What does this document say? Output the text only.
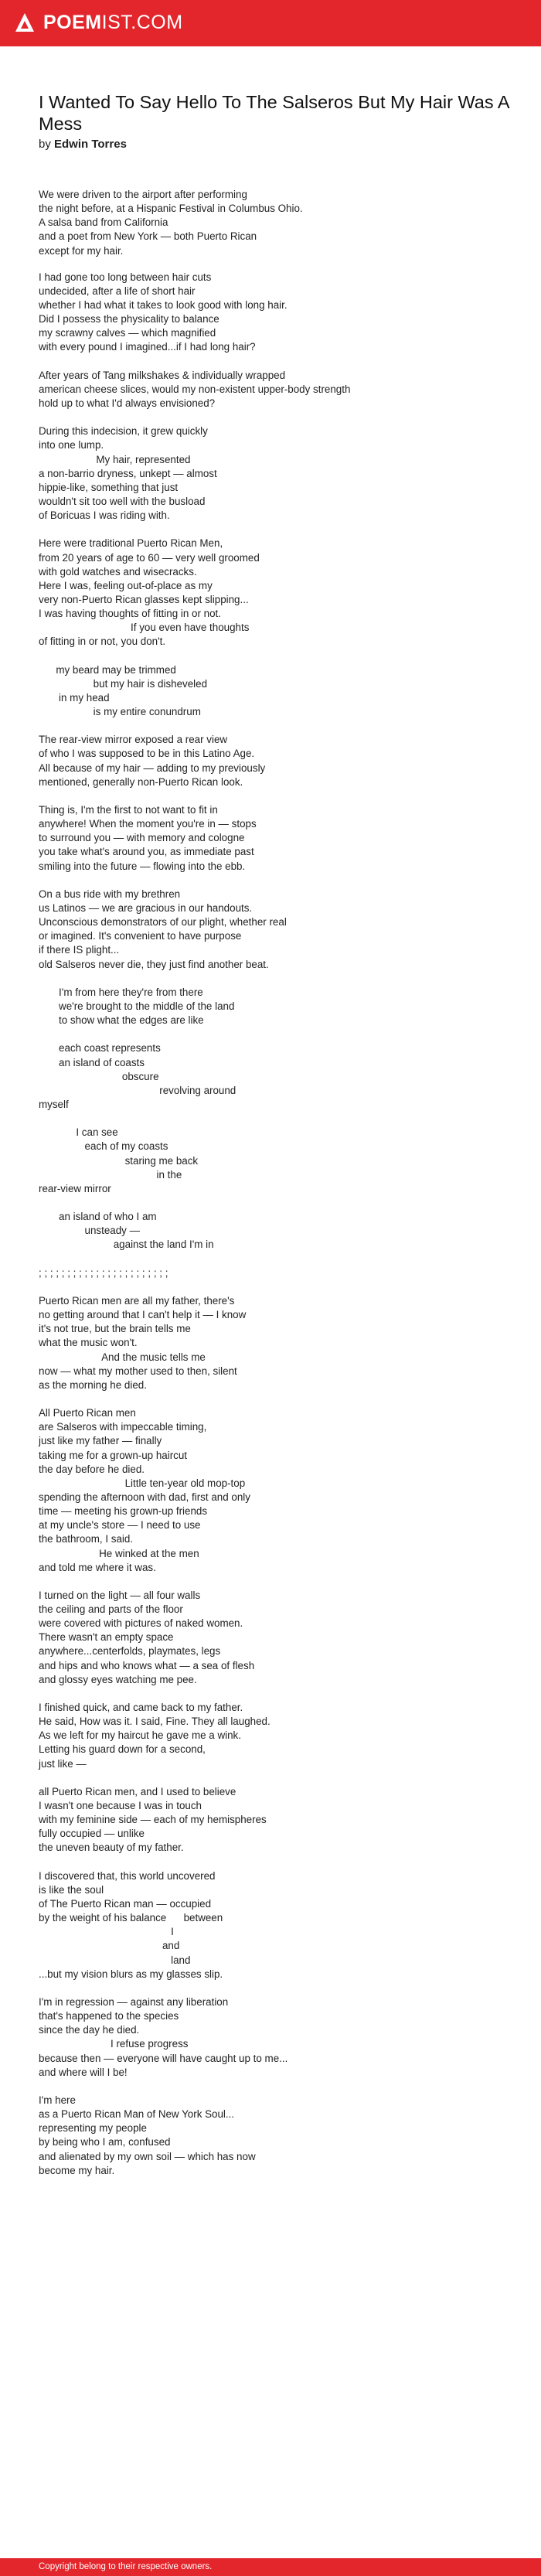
POEMIST.COM
I Wanted To Say Hello To The Salseros But My Hair Was A Mess
by Edwin Torres
We were driven to the airport after performing
the night before, at a Hispanic Festival in Columbus Ohio.
A salsa band from California
and a poet from New York — both Puerto Rican
except for my hair.
I had gone too long between hair cuts
undecided, after a life of short hair
whether I had what it takes to look good with long hair.
Did I possess the physicality to balance
my scrawny calves — which magnified
with every pound I imagined...if I had long hair?
After years of Tang milkshakes & individually wrapped
american cheese slices, would my non-existent upper-body strength
hold up to what I'd always envisioned?
During this indecision, it grew quickly
into one lump.
My hair, represented
a non-barrio dryness, unkept — almost
hippie-like, something that just
wouldn't sit too well with the busload
of Boricuas I was riding with.
Here were traditional Puerto Rican Men,
from 20 years of age to 60 — very well groomed
with gold watches and wisecracks.
Here I was, feeling out-of-place as my
very non-Puerto Rican glasses kept slipping...
I was having thoughts of fitting in or not.
If you even have thoughts
of fitting in or not, you don't.
my beard may be trimmed
but my hair is disheveled
in my head
is my entire conundrum
The rear-view mirror exposed a rear view
of who I was supposed to be in this Latino Age.
All because of my hair — adding to my previously
mentioned, generally non-Puerto Rican look.
Thing is, I'm the first to not want to fit in
anywhere! When the moment you're in — stops
to surround you — with memory and cologne
you take what's around you, as immediate past
smiling into the future — flowing into the ebb.
On a bus ride with my brethren
us Latinos — we are gracious in our handouts.
Unconscious demonstrators of our plight, whether real
or imagined. It's convenient to have purpose
if there IS plight...
old Salseros never die, they just find another beat.
I'm from here they're from there
we're brought to the middle of the land
to show what the edges are like
each coast represents
an island of coasts
obscure
revolving around
myself
I can see
each of my coasts
staring me back
in the
rear-view mirror
an island of who I am
unsteady —
against the land I'm in
; ; ; ; ; ; ; ; ; ; ; ; ; ; ; ; ; ; ; ; ; ; ;
Puerto Rican men are all my father, there's
no getting around that I can't help it — I know
it's not true, but the brain tells me
what the music won't.
And the music tells me
now — what my mother used to then, silent
as the morning he died.
All Puerto Rican men
are Salseros with impeccable timing,
just like my father — finally
taking me for a grown-up haircut
the day before he died.
Little ten-year old mop-top
spending the afternoon with dad, first and only
time — meeting his grown-up friends
at my uncle's store — I need to use
the bathroom, I said.
He winked at the men
and told me where it was.
I turned on the light — all four walls
the ceiling and parts of the floor
were covered with pictures of naked women.
There wasn't an empty space
anywhere...centerfolds, playmates, legs
and hips and who knows what — a sea of flesh
and glossy eyes watching me pee.
I finished quick, and came back to my father.
He said, How was it. I said, Fine. They all laughed.
As we left for my haircut he gave me a wink.
Letting his guard down for a second,
just like —
all Puerto Rican men, and I used to believe
I wasn't one because I was in touch
with my feminine side — each of my hemispheres
fully occupied — unlike
the uneven beauty of my father.
I discovered that, this world uncovered
is like the soul
of The Puerto Rican man — occupied
by the weight of his balance      between
I
and
land
...but my vision blurs as my glasses slip.
I'm in regression — against any liberation
that's happened to the species
since the day he died.
I refuse progress
because then — everyone will have caught up to me...
and where will I be!
I'm here
as a Puerto Rican Man of New York Soul...
representing my people
by being who I am, confused
and alienated by my own soil — which has now
become my hair.
Copyright belong to their respective owners.
